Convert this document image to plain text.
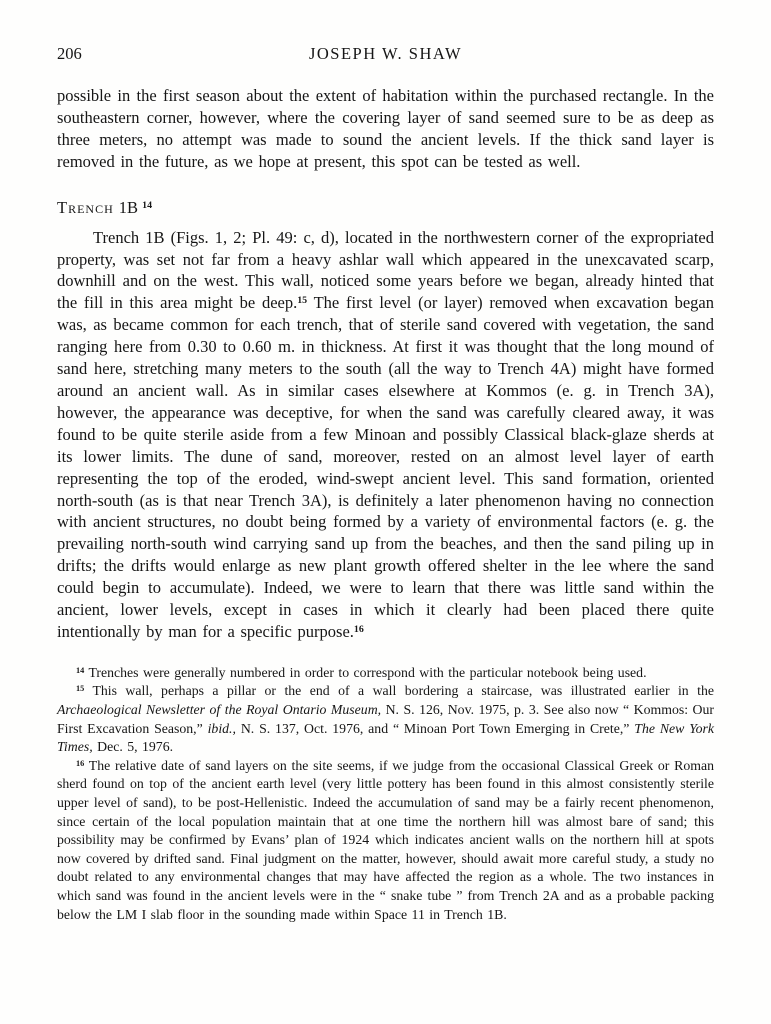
206	JOSEPH W. SHAW

possible in the first season about the extent of habitation within the purchased rectangle. In the southeastern corner, however, where the covering layer of sand seemed sure to be as deep as three meters, no attempt was made to sound the ancient levels. If the thick sand layer is removed in the future, as we hope at present, this spot can be tested as well.

Trench 1B $^{14}$

Trench 1B (Figs. 1, 2; Pl. 49: c, d), located in the northwestern corner of the expropriated property, was set not far from a heavy ashlar wall which appeared in the unexcavated scarp, downhill and on the west. This wall, noticed some years before we began, already hinted that the fill in this area might be deep.$^{15}$ The first level (or layer) removed when excavation began was, as became common for each trench, that of sterile sand covered with vegetation, the sand ranging here from 0.30 to 0.60 m. in thickness. At first it was thought that the long mound of sand here, stretching many meters to the south (all the way to Trench 4A) might have formed around an ancient wall. As in similar cases elsewhere at Kommos (e. g. in Trench 3A), however, the appearance was deceptive, for when the sand was carefully cleared away, it was found to be quite sterile aside from a few Minoan and possibly Classical black-glaze sherds at its lower limits. The dune of sand, moreover, rested on an almost level layer of earth representing the top of the eroded, wind-swept ancient level. This sand formation, oriented north-south (as is that near Trench 3A), is definitely a later phenomenon having no connection with ancient structures, no doubt being formed by a variety of environmental factors (e. g. the prevailing north-south wind carrying sand up from the beaches, and then the sand piling up in drifts; the drifts would enlarge as new plant growth offered shelter in the lee where the sand could begin to accumulate). Indeed, we were to learn that there was little sand within the ancient, lower levels, except in cases in which it clearly had been placed there quite intentionally by man for a specific purpose.$^{16}$

$^{14}$ Trenches were generally numbered in order to correspond with the particular notebook being used.

$^{15}$ This wall, perhaps a pillar or the end of a wall bordering a staircase, was illustrated earlier in the Archaeological Newsletter of the Royal Ontario Museum, N. S. 126, Nov. 1975, p. 3. See also now “ Kommos: Our First Excavation Season,” ibid., N. S. 137, Oct. 1976, and “ Minoan Port Town Emerging in Crete,” The New York Times, Dec. 5, 1976.

$^{16}$ The relative date of sand layers on the site seems, if we judge from the occasional Classical Greek or Roman sherd found on top of the ancient earth level (very little pottery has been found in this almost consistently sterile upper level of sand), to be post-Hellenistic. Indeed the accumulation of sand may be a fairly recent phenomenon, since certain of the local population maintain that at one time the northern hill was almost bare of sand; this possibility may be confirmed by Evans’ plan of 1924 which indicates ancient walls on the northern hill at spots now covered by drifted sand. Final judgment on the matter, however, should await more careful study, a study no doubt related to any environmental changes that may have affected the region as a whole. The two instances in which sand was found in the ancient levels were in the “ snake tube ” from Trench 2A and as a probable packing below the LM I slab floor in the sounding made within Space 11 in Trench 1B.
